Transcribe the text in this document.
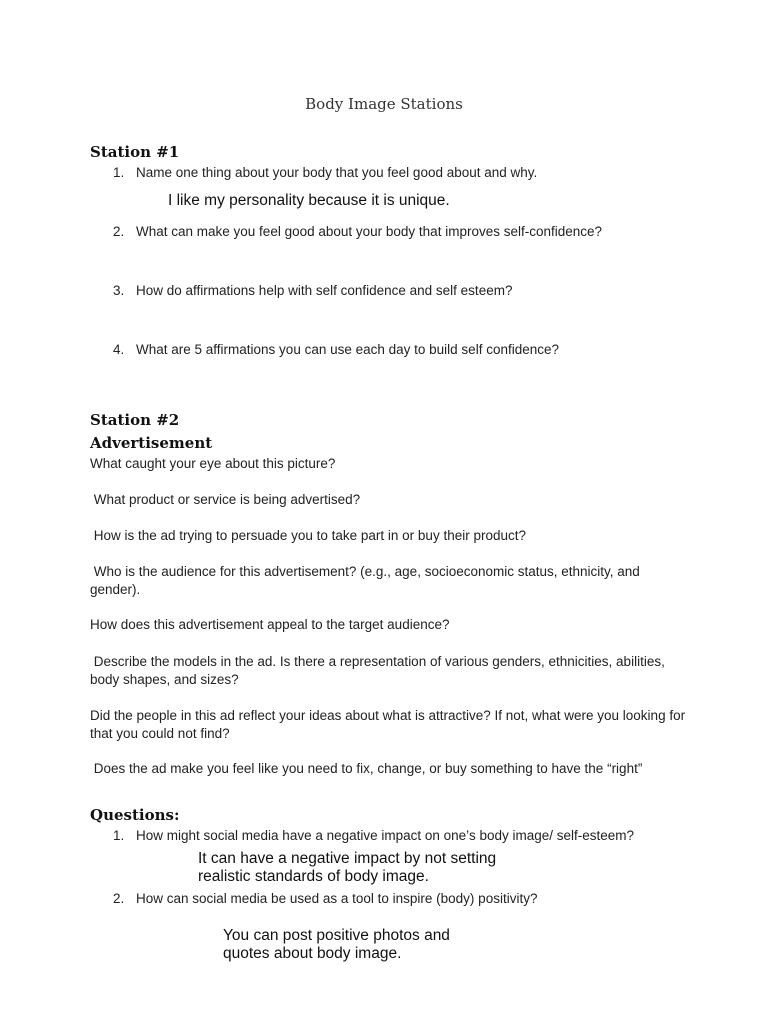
Body Image Stations
Station #1
1. Name one thing about your body that you feel good about and why.
I like my personality because it is unique.
2. What can make you feel good about your body that improves self-confidence?
3. How do affirmations help with self confidence and self esteem?
4. What are 5 affirmations you can use each day to build self confidence?
Station #2
Advertisement
What caught your eye about this picture?
What product or service is being advertised?
How is the ad trying to persuade you to take part in or buy their product?
Who is the audience for this advertisement? (e.g., age, socioeconomic status, ethnicity, and gender).
How does this advertisement appeal to the target audience?
Describe the models in the ad. Is there a representation of various genders, ethnicities, abilities, body shapes, and sizes?
Did the people in this ad reflect your ideas about what is attractive? If not, what were you looking for that you could not find?
Does the ad make you feel like you need to fix, change, or buy something to have the “right”
Questions:
1. How might social media have a negative impact on one’s body image/ self-esteem?
It can have a negative impact by not setting realistic standards of body image.
2. How can social media be used as a tool to inspire (body) positivity?
You can post positive photos and quotes about body image.
